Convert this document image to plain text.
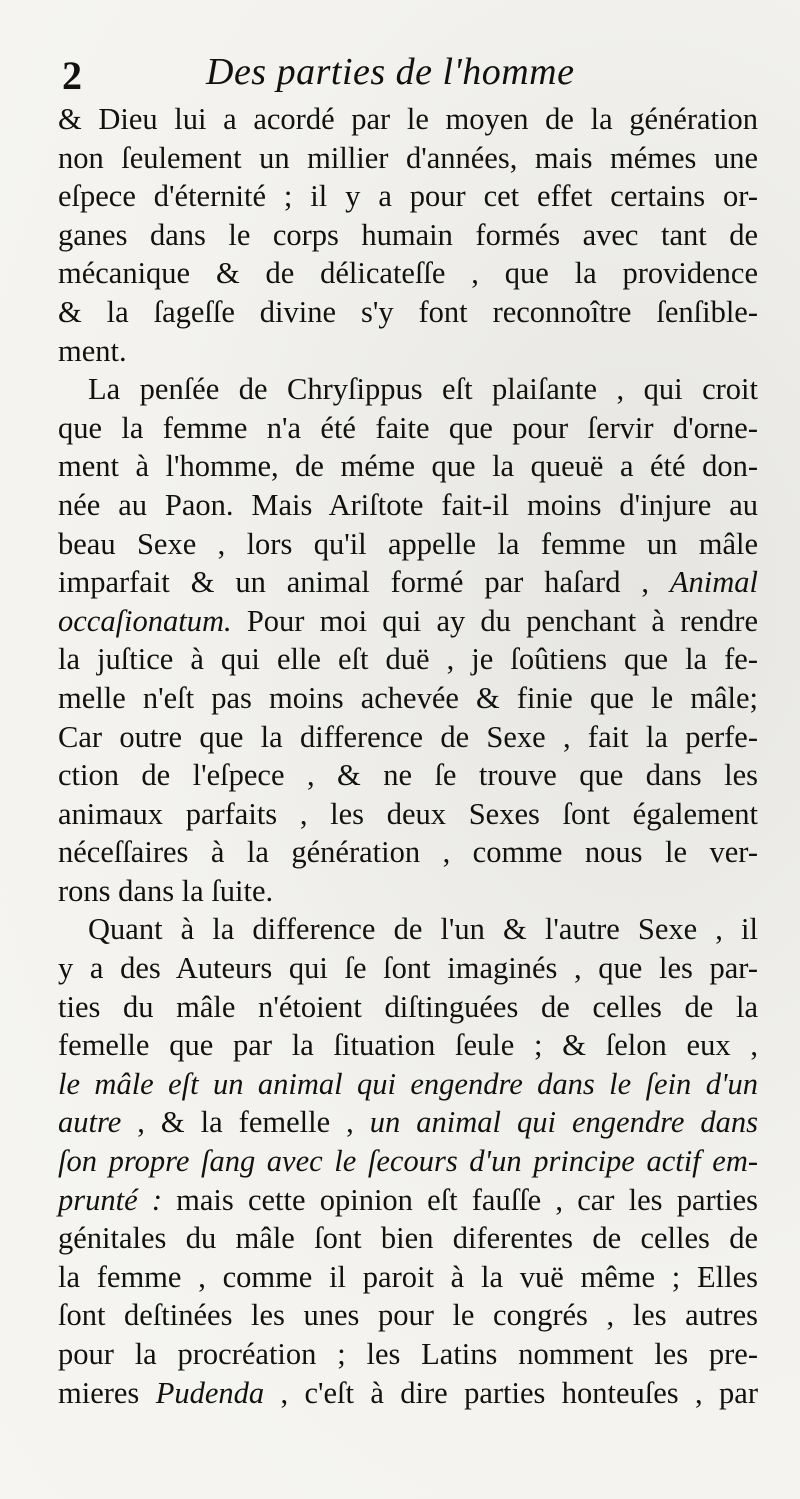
2	Des parties de l'homme
& Dieu lui a acordé par le moyen de la génération
non ſeulement un millier d'années, mais mémes une
eſpece d'éternité ; il y a pour cet effet certains or-
ganes dans le corps humain formés avec tant de
mécanique & de délicateſſe , que la providence
& la ſageſſe divine s'y font reconnoître ſenſible-
ment.
La penſée de Chryſippus eſt plaiſante , qui croit
que la femme n'a été faite que pour ſervir d'orne-
ment à l'homme, de méme que la queuë a été don-
née au Paon. Mais Ariſtote fait-il moins d'injure au
beau Sexe , lors qu'il appelle la femme un mâle
imparfait & un animal formé par haſard , Animal
occaſionatum. Pour moi qui ay du penchant à rendre
la juſtice à qui elle eſt duë , je ſoûtiens que la fe-
melle n'eſt pas moins achevée & finie que le mâle;
Car outre que la difference de Sexe , fait la perfe-
ction de l'eſpece , & ne ſe trouve que dans les
animaux parfaits , les deux Sexes ſont également
néceſſaires à la génération , comme nous le ver-
rons dans la ſuite.
Quant à la difference de l'un & l'autre Sexe , il
y a des Auteurs qui ſe ſont imaginés , que les par-
ties du mâle n'étoient diſtinguées de celles de la
femelle que par la ſituation ſeule ; & ſelon eux ,
le mâle eſt un animal qui engendre dans le ſein d'un
autre , & la femelle , un animal qui engendre dans
ſon propre ſang avec le ſecours d'un principe actif em-
prunté : mais cette opinion eſt fauſſe , car les parties
génitales du mâle ſont bien diferentes de celles de
la femme , comme il paroit à la vuë même ; Elles
ſont deſtinées les unes pour le congrés , les autres
pour la procréation ; les Latins nomment les pre-
mieres Pudenda , c'eſt à dire parties honteuſes , par
